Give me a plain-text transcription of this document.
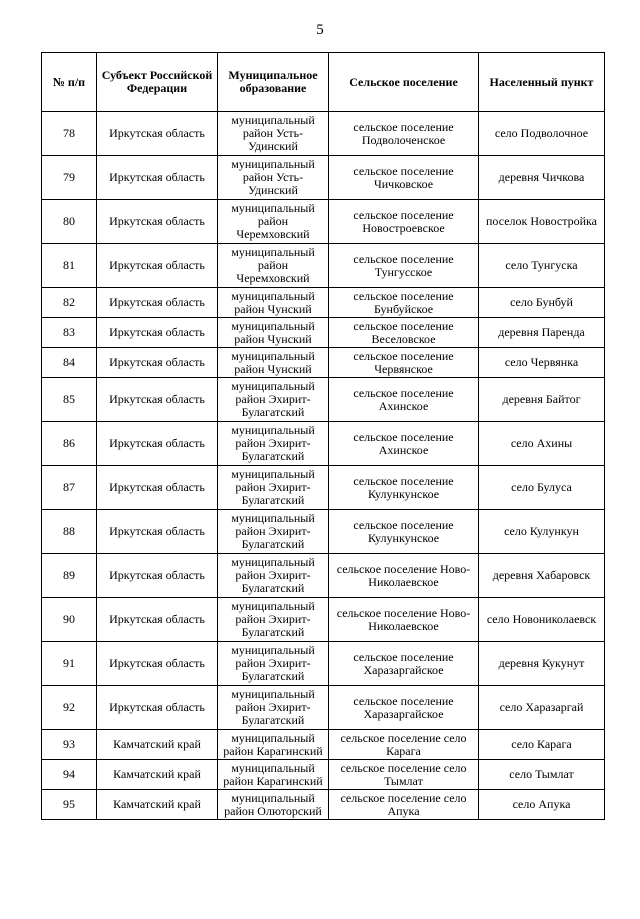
5
№ п/п	Субъект Российской Федерации	Муниципальное образование	Сельское поселение	Населенный пункт
78	Иркутская область	муниципальный район Усть-Удинский	сельское поселение Подволоченское	село Подволочное
79	Иркутская область	муниципальный район Усть-Удинский	сельское поселение Чичковское	деревня Чичкова
80	Иркутская область	муниципальный район Черемховский	сельское поселение Новостроевское	поселок Новостройка
81	Иркутская область	муниципальный район Черемховский	сельское поселение Тунгусское	село Тунгуска
82	Иркутская область	муниципальный район Чунский	сельское поселение Бунбуйское	село Бунбуй
83	Иркутская область	муниципальный район Чунский	сельское поселение Веселовское	деревня Паренда
84	Иркутская область	муниципальный район Чунский	сельское поселение Червянское	село Червянка
85	Иркутская область	муниципальный район Эхирит-Булагатский	сельское поселение Ахинское	деревня Байтог
86	Иркутская область	муниципальный район Эхирит-Булагатский	сельское поселение Ахинское	село Ахины
87	Иркутская область	муниципальный район Эхирит-Булагатский	сельское поселение Кулункунское	село Булуса
88	Иркутская область	муниципальный район Эхирит-Булагатский	сельское поселение Кулункунское	село Кулункун
89	Иркутская область	муниципальный район Эхирит-Булагатский	сельское поселение Ново-Николаевское	деревня Хабаровск
90	Иркутская область	муниципальный район Эхирит-Булагатский	сельское поселение Ново-Николаевское	село Новониколаевск
91	Иркутская область	муниципальный район Эхирит-Булагатский	сельское поселение Харазаргайское	деревня Кукунут
92	Иркутская область	муниципальный район Эхирит-Булагатский	сельское поселение Харазаргайское	село Харазаргай
93	Камчатский край	муниципальный район Карагинский	сельское поселение село Карага	село Карага
94	Камчатский край	муниципальный район Карагинский	сельское поселение село Тымлат	село Тымлат
95	Камчатский край	муниципальный район Олюторский	сельское поселение село Апука	село Апука
